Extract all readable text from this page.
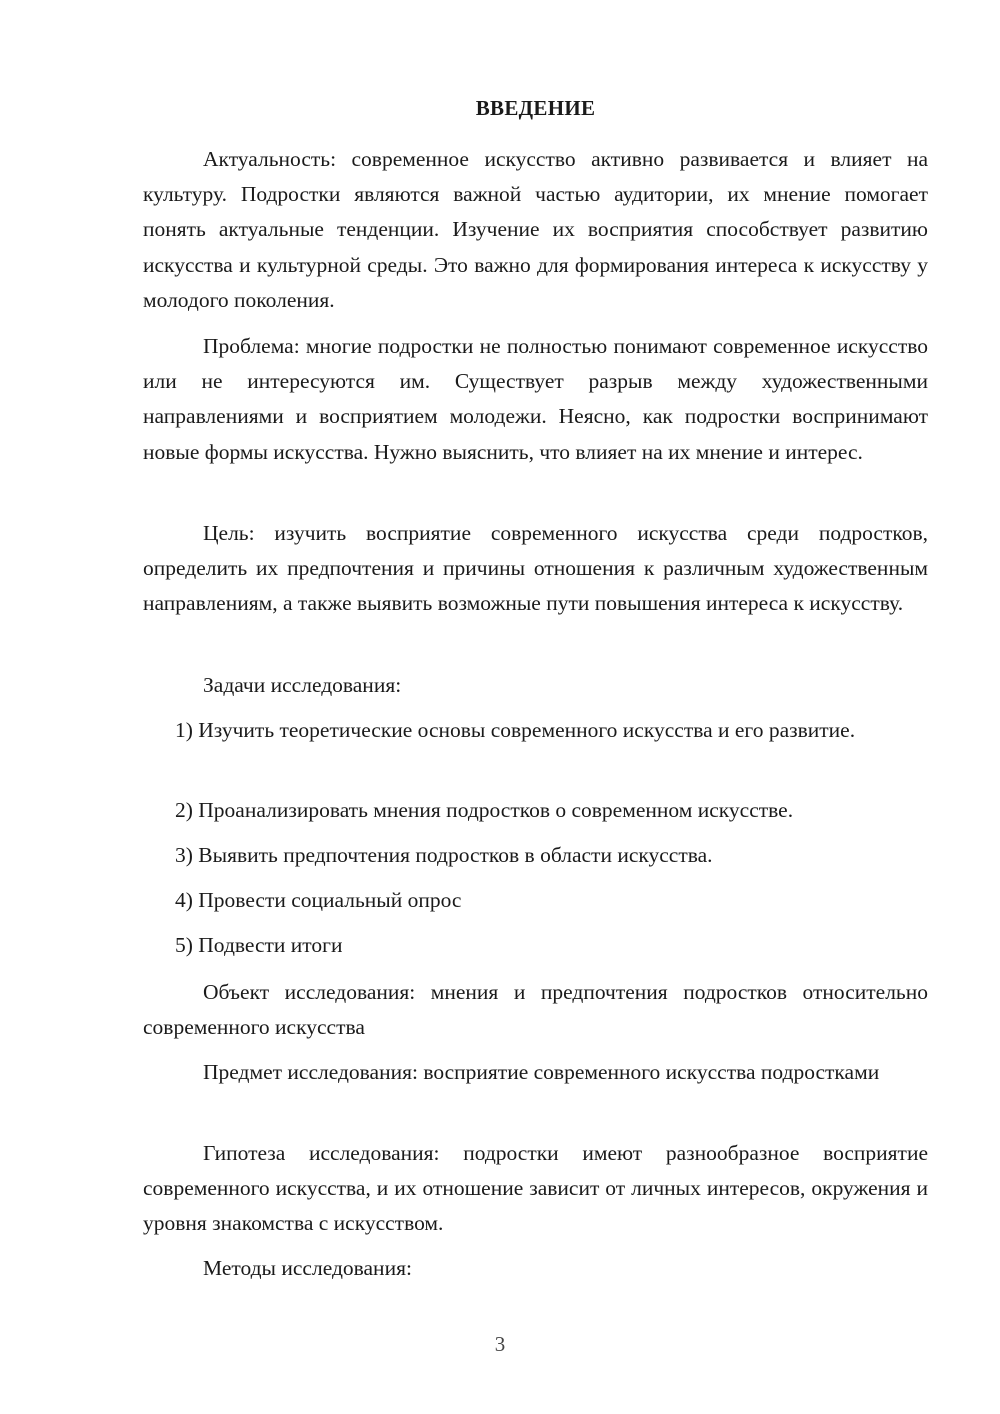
ВВЕДЕНИЕ

Актуальность: современное искусство активно развивается и влияет на культуру. Подростки являются важной частью аудитории, их мнение помогает понять актуальные тенденции. Изучение их восприятия способствует развитию искусства и культурной среды. Это важно для формирования интереса к искусству у молодого поколения.

Проблема: многие подростки не полностью понимают современное искусство или не интересуются им. Существует разрыв между художественными направлениями и восприятием молодежи. Неясно, как подростки воспринимают новые формы искусства. Нужно выяснить, что влияет на их мнение и интерес.

Цель: изучить восприятие современного искусства среди подростков, определить их предпочтения и причины отношения к различным художественным направлениям, а также выявить возможные пути повышения интереса к искусству.

Задачи исследования:

1) Изучить теоретические основы современного искусства и его развитие.

2) Проанализировать мнения подростков о современном искусстве.

3) Выявить предпочтения подростков в области искусства.

4) Провести социальный опрос

5) Подвести итоги

Объект исследования: мнения и предпочтения подростков относительно современного искусства

Предмет исследования: восприятие современного искусства подростками

Гипотеза исследования: подростки имеют разнообразное восприятие современного искусства, и их отношение зависит от личных интересов, окружения и уровня знакомства с искусством.

Методы исследования:

3
